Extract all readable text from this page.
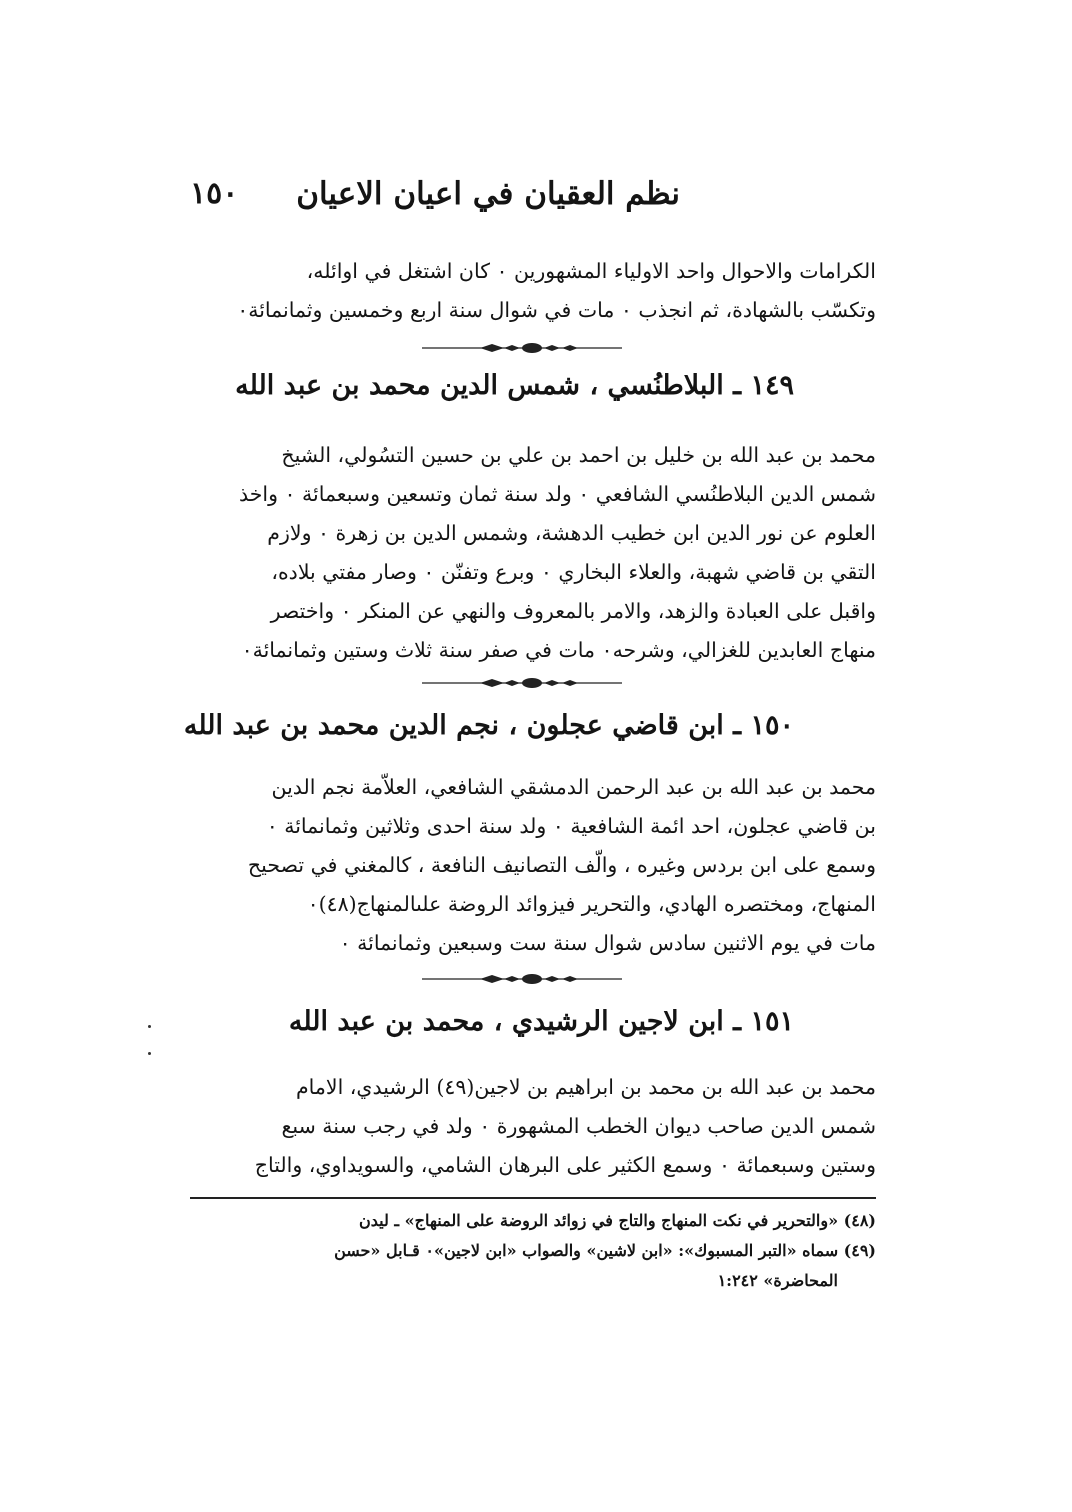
نظم العقيان في اعيان الاعيان
١٥٠
الكرامات والاحوال واحد الاولياء المشهورين ٠ كان اشتغل في اوائله،
وتكسّب بالشهادة، ثم انجذب ٠ مات في شوال سنة اربع وخمسين وثمانمائة٠
١٤٩ ـ البلاطنُسي ، شمس الدين محمد بن عبد الله
محمد بن عبد الله بن خليل بن احمد بن علي بن حسين التسُولي، الشيخ
شمس الدين البلاطنُسي الشافعي ٠ ولد سنة ثمان وتسعين وسبعمائة ٠ واخذ
العلوم عن نور الدين ابن خطيب الدهشة، وشمس الدين بن زهرة ٠ ولازم
التقي بن قاضي شهبة، والعلاء البخاري ٠ وبرع وتفنّن ٠ وصار مفتي بلاده،
واقبل على العبادة والزهد، والامر بالمعروف والنهي عن المنكر ٠ واختصر
منهاج العابدين للغزالي، وشرحه٠ مات في صفر سنة ثلاث وستين وثمانمائة٠
١٥٠ ـ ابن قاضي عجلون ، نجم الدين محمد بن عبد الله
محمد بن عبد الله بن عبد الرحمن الدمشقي الشافعي، العلاّمة نجم الدين
بن قاضي عجلون، احد ائمة الشافعية ٠ ولد سنة احدى وثلاثين وثمانمائة ٠
وسمع على ابن بردس وغيره ، والّف التصانيف النافعة ، كالمغني في تصحيح
المنهاج، ومختصره الهادي، والتحرير فيزوائد الروضة علىالمنهاج(٤٨)٠
مات في يوم الاثنين سادس شوال سنة ست وسبعين وثمانمائة ٠
١٥١ ـ ابن لاجين الرشيدي ، محمد بن عبد الله
محمد بن عبد الله بن محمد بن ابراهيم بن لاجين(٤٩) الرشيدي، الامام
شمس الدين صاحب ديوان الخطب المشهورة ٠ ولد في رجب سنة سبع
وستين وسبعمائة ٠ وسمع الكثير على البرهان الشامي، والسويداوي، والتاج

(٤٨) «والتحرير في نكت المنهاج والتاج في زوائد الروضة على المنهاج» ـ ليدن

(٤٩) سماه «التبر المسبوك»: «ابن لاشين» والصواب «ابن لاجين»٠ قـابل «حسن

المحاضرة» ١:٢٤٢
